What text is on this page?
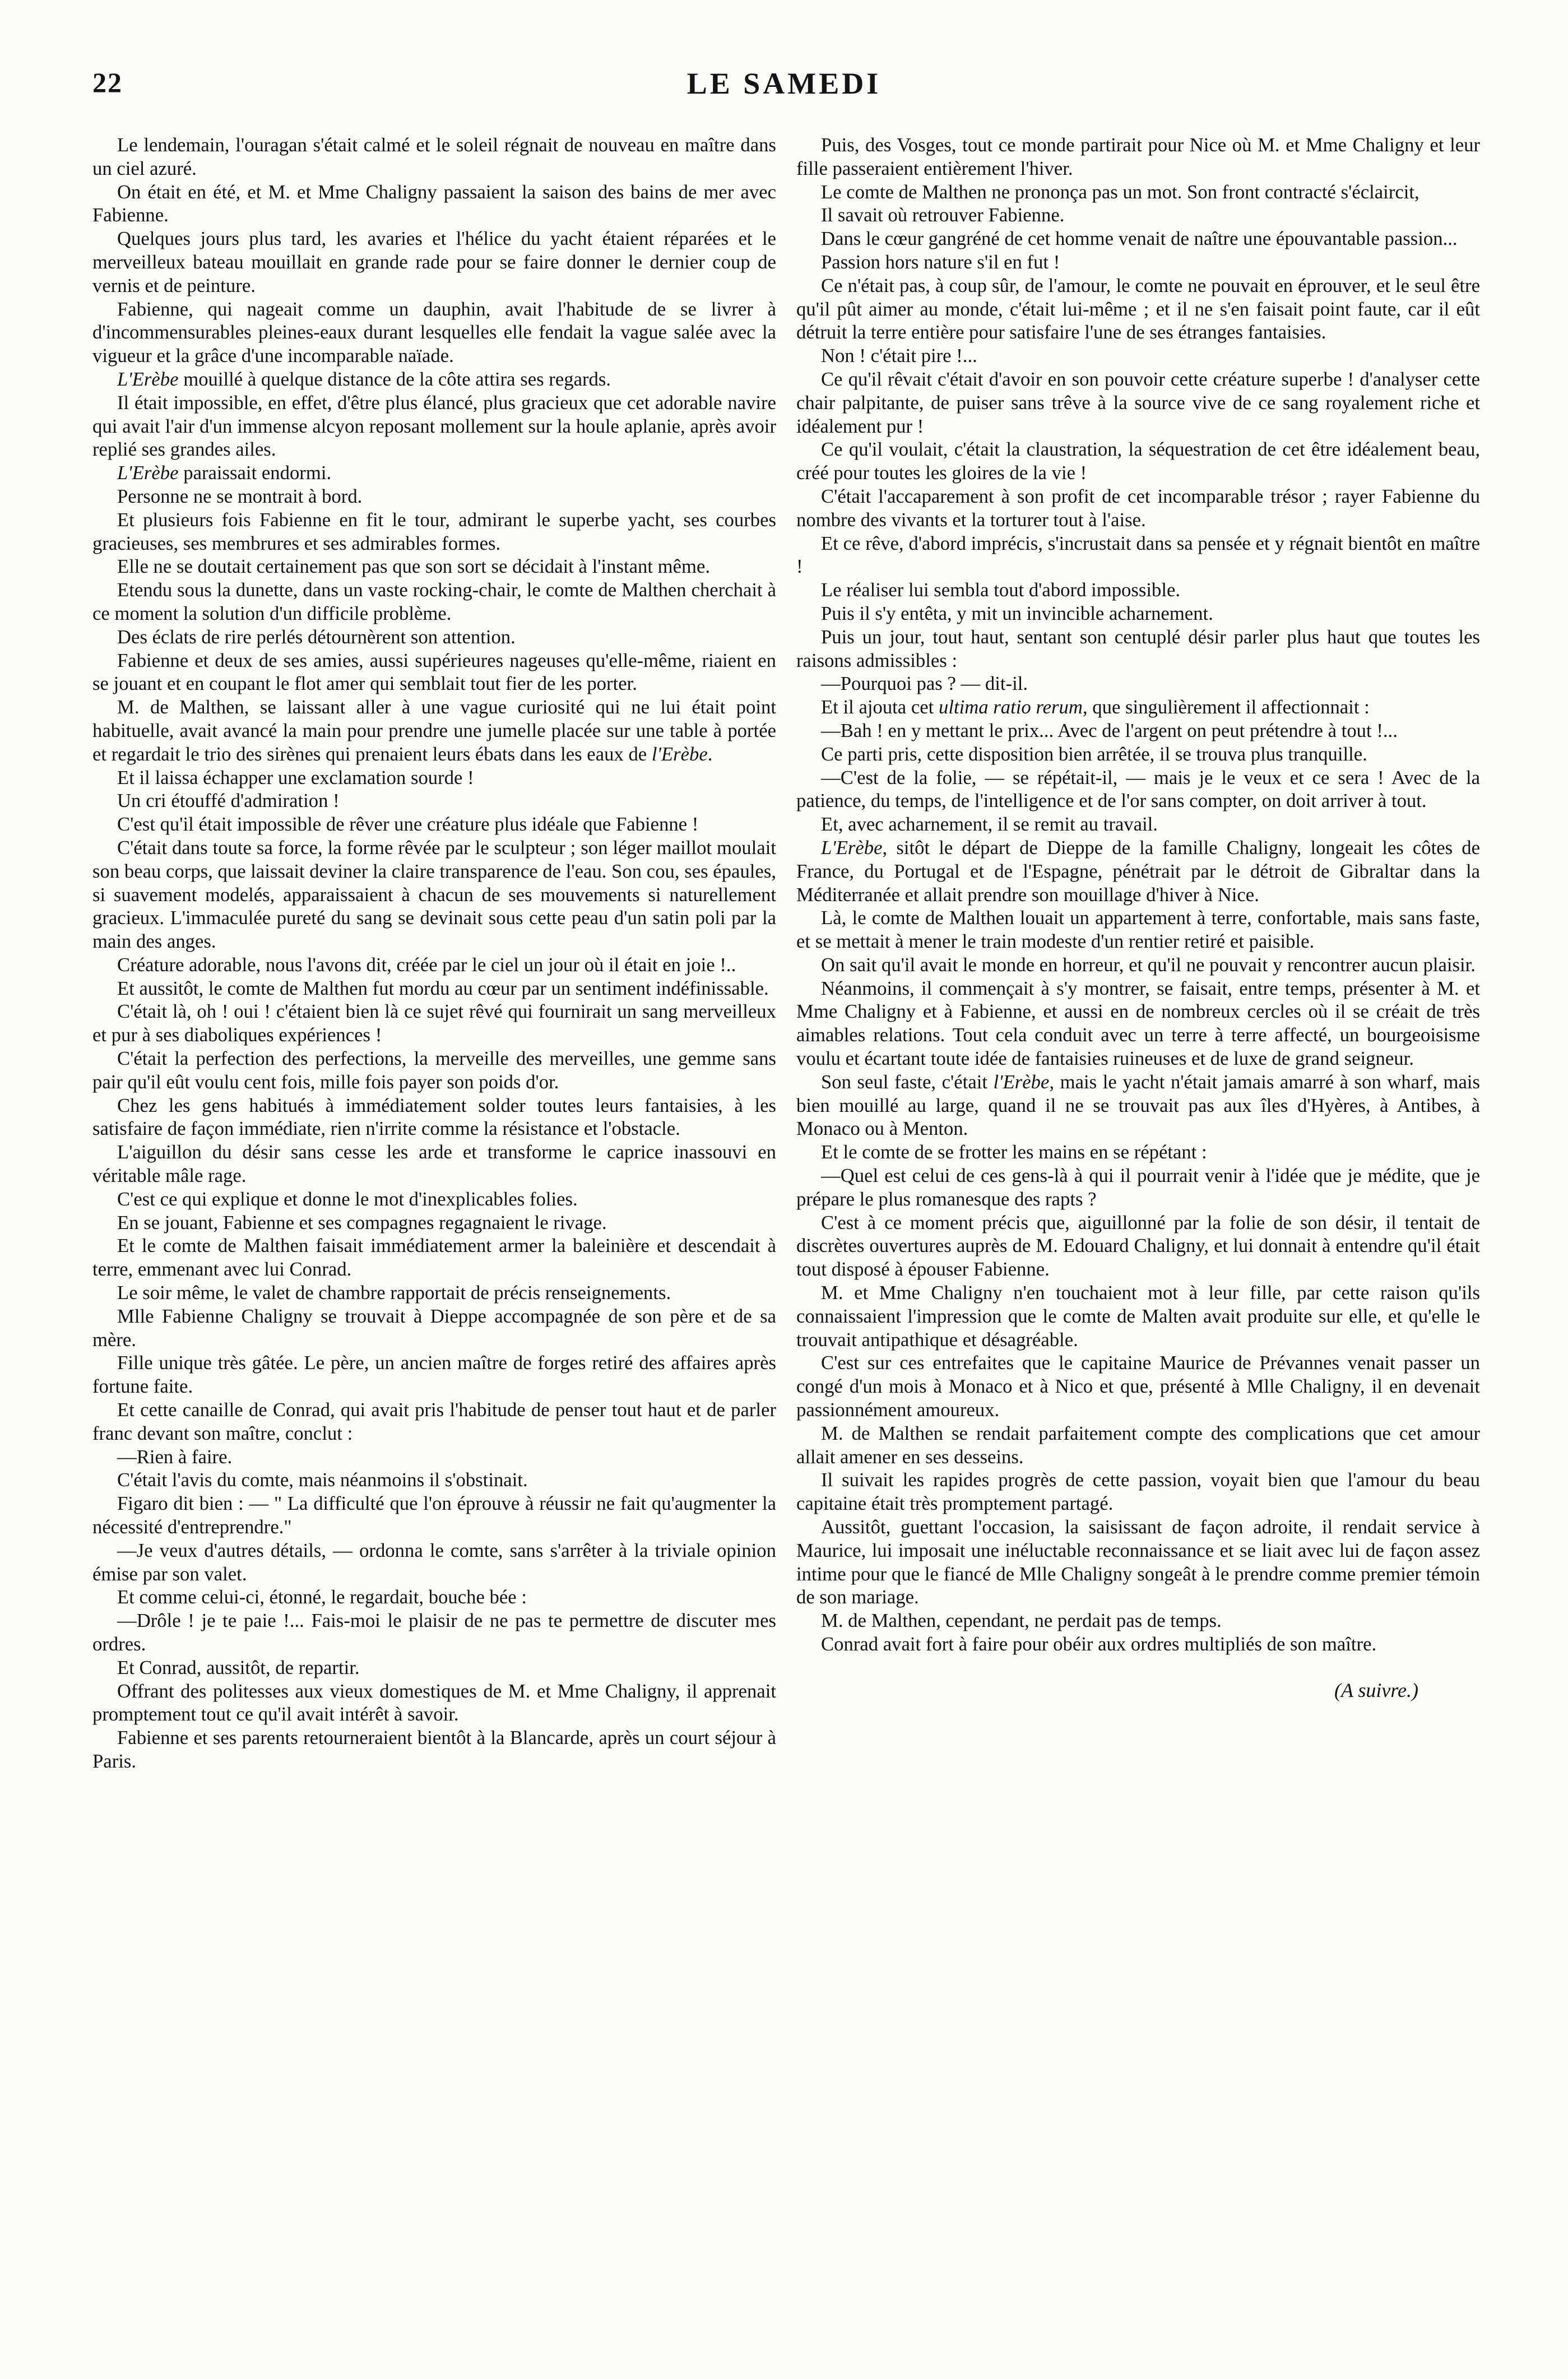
22	LE SAMEDI

Le lendemain, l'ouragan s'était calmé et le soleil régnait de nouveau en maître dans un ciel azuré.

On était en été, et M. et Mme Chaligny passaient la saison des bains de mer avec Fabienne.

Quelques jours plus tard, les avaries et l'hélice du yacht étaient réparées et le merveilleux bateau mouillait en grande rade pour se faire donner le dernier coup de vernis et de peinture.

Fabienne, qui nageait comme un dauphin, avait l'habitude de se livrer à d'incommensurables pleines-eaux durant lesquelles elle fendait la vague salée avec la vigueur et la grâce d'une incomparable naïade.

L'Erèbe mouillé à quelque distance de la côte attira ses regards.

Il était impossible, en effet, d'être plus élancé, plus gracieux que cet adorable navire qui avait l'air d'un immense alcyon reposant mollement sur la houle aplanie, après avoir replié ses grandes ailes.

L'Erèbe paraissait endormi.

Personne ne se montrait à bord.

Et plusieurs fois Fabienne en fit le tour, admirant le superbe yacht, ses courbes gracieuses, ses membrures et ses admirables formes.

Elle ne se doutait certainement pas que son sort se décidait à l'instant même.

Etendu sous la dunette, dans un vaste rocking-chair, le comte de Malthen cherchait à ce moment la solution d'un difficile problème.

Des éclats de rire perlés détournèrent son attention.

Fabienne et deux de ses amies, aussi supérieures nageuses qu'elle-même, riaient en se jouant et en coupant le flot amer qui semblait tout fier de les porter.

M. de Malthen, se laissant aller à une vague curiosité qui ne lui était point habituelle, avait avancé la main pour prendre une jumelle placée sur une table à portée et regardait le trio des sirènes qui prenaient leurs ébats dans les eaux de l'Erèbe.

Et il laissa échapper une exclamation sourde !

Un cri étouffé d'admiration !

C'est qu'il était impossible de rêver une créature plus idéale que Fabienne !

C'était dans toute sa force, la forme rêvée par le sculpteur ; son léger maillot moulait son beau corps, que laissait deviner la claire transparence de l'eau. Son cou, ses épaules, si suavement modelés, apparaissaient à chacun de ses mouvements si naturellement gracieux. L'immaculée pureté du sang se devinait sous cette peau d'un satin poli par la main des anges.

Créature adorable, nous l'avons dit, créée par le ciel un jour où il était en joie !..

Et aussitôt, le comte de Malthen fut mordu au cœur par un sentiment indéfinissable.

C'était là, oh ! oui ! c'étaient bien là ce sujet rêvé qui fournirait un sang merveilleux et pur à ses diaboliques expériences !

C'était la perfection des perfections, la merveille des merveilles, une gemme sans pair qu'il eût voulu cent fois, mille fois payer son poids d'or.

Chez les gens habitués à immédiatement solder toutes leurs fantaisies, à les satisfaire de façon immédiate, rien n'irrite comme la résistance et l'obstacle.

L'aiguillon du désir sans cesse les arde et transforme le caprice inassouvi en véritable mâle rage.

C'est ce qui explique et donne le mot d'inexplicables folies.

En se jouant, Fabienne et ses compagnes regagnaient le rivage.

Et le comte de Malthen faisait immédiatement armer la baleinière et descendait à terre, emmenant avec lui Conrad.

Le soir même, le valet de chambre rapportait de précis renseignements.

Mlle Fabienne Chaligny se trouvait à Dieppe accompagnée de son père et de sa mère.

Fille unique très gâtée. Le père, un ancien maître de forges retiré des affaires après fortune faite.

Et cette canaille de Conrad, qui avait pris l'habitude de penser tout haut et de parler franc devant son maître, conclut :

—Rien à faire.

C'était l'avis du comte, mais néanmoins il s'obstinait.

Figaro dit bien : — " La difficulté que l'on éprouve à réussir ne fait qu'augmenter la nécessité d'entreprendre."

—Je veux d'autres détails, — ordonna le comte, sans s'arrêter à la triviale opinion émise par son valet.

Et comme celui-ci, étonné, le regardait, bouche bée :

—Drôle ! je te paie !... Fais-moi le plaisir de ne pas te permettre de discuter mes ordres.

Et Conrad, aussitôt, de repartir.

Offrant des politesses aux vieux domestiques de M. et Mme Chaligny, il apprenait promptement tout ce qu'il avait intérêt à savoir.

Fabienne et ses parents retourneraient bientôt à la Blancarde, après un court séjour à Paris.

Puis, des Vosges, tout ce monde partirait pour Nice où M. et Mme Chaligny et leur fille passeraient entièrement l'hiver.

Le comte de Malthen ne prononça pas un mot. Son front contracté s'éclaircit,

Il savait où retrouver Fabienne.

Dans le cœur gangréné de cet homme venait de naître une épouvantable passion...

Passion hors nature s'il en fut !

Ce n'était pas, à coup sûr, de l'amour, le comte ne pouvait en éprouver, et le seul être qu'il pût aimer au monde, c'était lui-même ; et il ne s'en faisait point faute, car il eût détruit la terre entière pour satisfaire l'une de ses étranges fantaisies.

Non ! c'était pire !...

Ce qu'il rêvait c'était d'avoir en son pouvoir cette créature superbe ! d'analyser cette chair palpitante, de puiser sans trêve à la source vive de ce sang royalement riche et idéalement pur !

Ce qu'il voulait, c'était la claustration, la séquestration de cet être idéalement beau, créé pour toutes les gloires de la vie !

C'était l'accaparement à son profit de cet incomparable trésor ; rayer Fabienne du nombre des vivants et la torturer tout à l'aise.

Et ce rêve, d'abord imprécis, s'incrustait dans sa pensée et y régnait bientôt en maître !

Le réaliser lui sembla tout d'abord impossible.

Puis il s'y entêta, y mit un invincible acharnement.

Puis un jour, tout haut, sentant son centuplé désir parler plus haut que toutes les raisons admissibles :

—Pourquoi pas ? — dit-il.

Et il ajouta cet ultima ratio rerum, que singulièrement il affectionnait :

—Bah ! en y mettant le prix... Avec de l'argent on peut prétendre à tout !...

Ce parti pris, cette disposition bien arrêtée, il se trouva plus tranquille.

—C'est de la folie, — se répétait-il, — mais je le veux et ce sera ! Avec de la patience, du temps, de l'intelligence et de l'or sans compter, on doit arriver à tout.

Et, avec acharnement, il se remit au travail.

L'Erèbe, sitôt le départ de Dieppe de la famille Chaligny, longeait les côtes de France, du Portugal et de l'Espagne, pénétrait par le détroit de Gibraltar dans la Méditerranée et allait prendre son mouillage d'hiver à Nice.

Là, le comte de Malthen louait un appartement à terre, confortable, mais sans faste, et se mettait à mener le train modeste d'un rentier retiré et paisible.

On sait qu'il avait le monde en horreur, et qu'il ne pouvait y rencontrer aucun plaisir.

Néanmoins, il commençait à s'y montrer, se faisait, entre temps, présenter à M. et Mme Chaligny et à Fabienne, et aussi en de nombreux cercles où il se créait de très aimables relations. Tout cela conduit avec un terre à terre affecté, un bourgeoisisme voulu et écartant toute idée de fantaisies ruineuses et de luxe de grand seigneur.

Son seul faste, c'était l'Erèbe, mais le yacht n'était jamais amarré à son wharf, mais bien mouillé au large, quand il ne se trouvait pas aux îles d'Hyères, à Antibes, à Monaco ou à Menton.

Et le comte de se frotter les mains en se répétant :

—Quel est celui de ces gens-là à qui il pourrait venir à l'idée que je médite, que je prépare le plus romanesque des rapts ?

C'est à ce moment précis que, aiguillonné par la folie de son désir, il tentait de discrètes ouvertures auprès de M. Edouard Chaligny, et lui donnait à entendre qu'il était tout disposé à épouser Fabienne.

M. et Mme Chaligny n'en touchaient mot à leur fille, par cette raison qu'ils connaissaient l'impression que le comte de Malten avait produite sur elle, et qu'elle le trouvait antipathique et désagréable.

C'est sur ces entrefaites que le capitaine Maurice de Prévannes venait passer un congé d'un mois à Monaco et à Nico et que, présenté à Mlle Chaligny, il en devenait passionnément amoureux.

M. de Malthen se rendait parfaitement compte des complications que cet amour allait amener en ses desseins.

Il suivait les rapides progrès de cette passion, voyait bien que l'amour du beau capitaine était très promptement partagé.

Aussitôt, guettant l'occasion, la saisissant de façon adroite, il rendait service à Maurice, lui imposait une inéluctable reconnaissance et se liait avec lui de façon assez intime pour que le fiancé de Mlle Chaligny songeât à le prendre comme premier témoin de son mariage.

M. de Malthen, cependant, ne perdait pas de temps.

Conrad avait fort à faire pour obéir aux ordres multipliés de son maître.

(A suivre.)
